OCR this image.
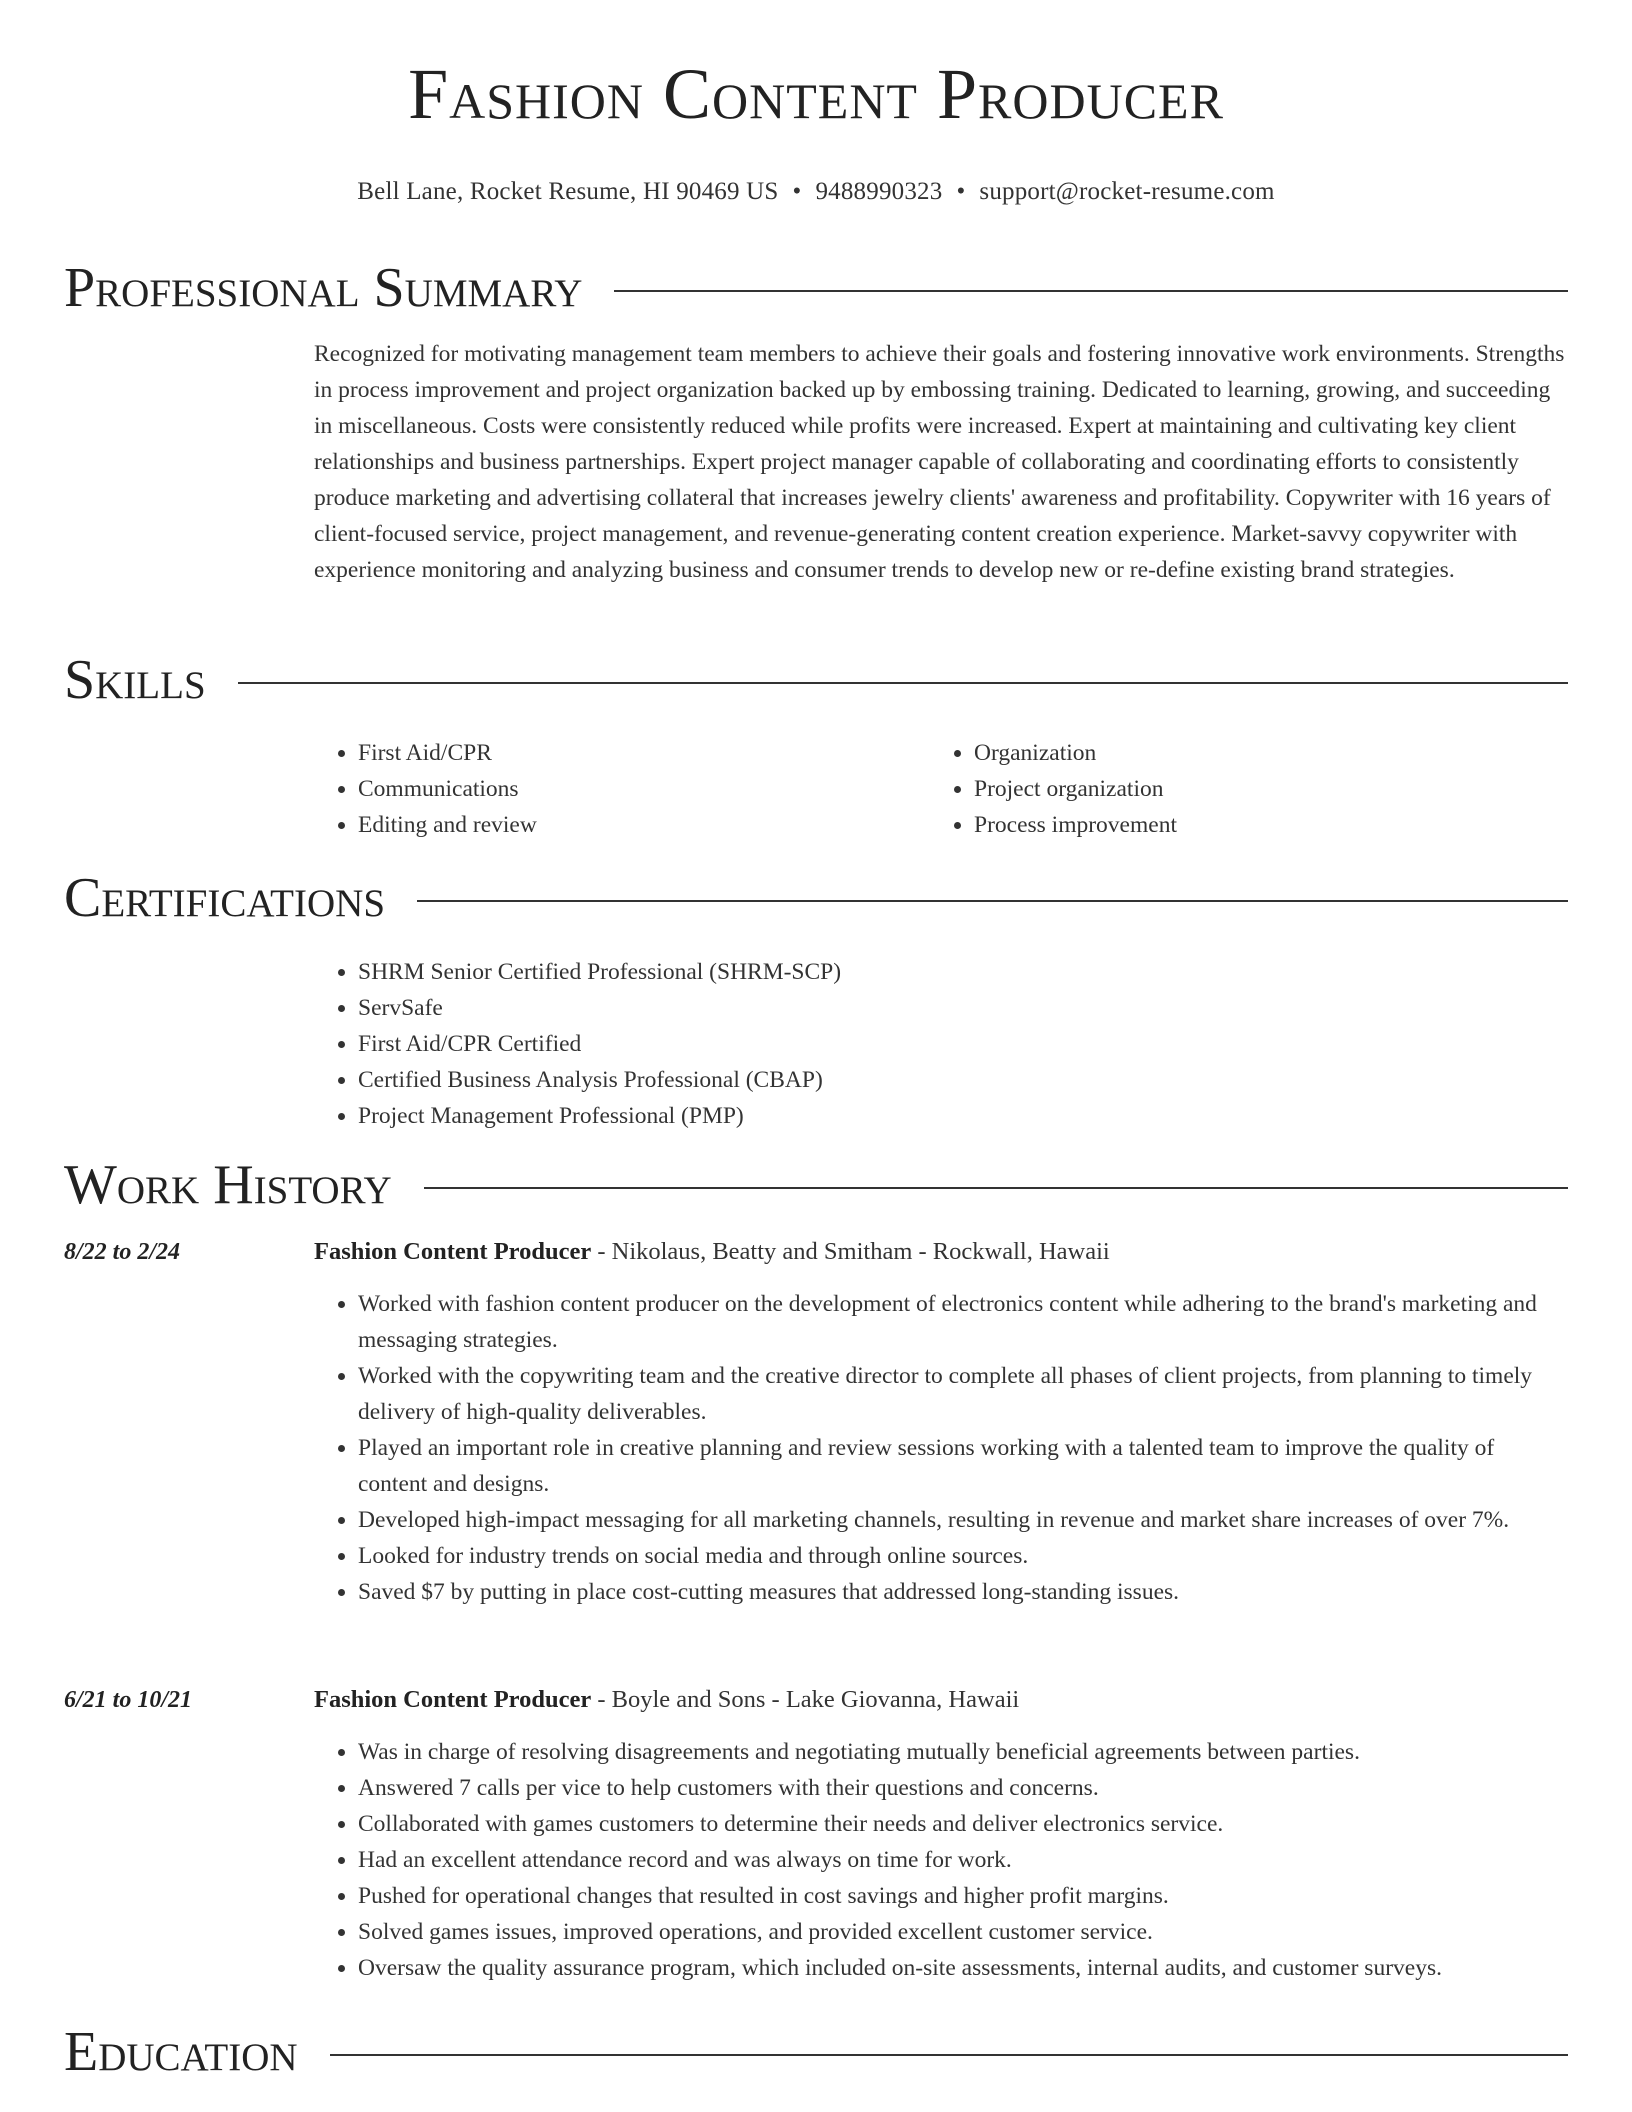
Fashion Content Producer
Bell Lane, Rocket Resume, HI 90469 US • 9488990323 • support@rocket-resume.com
Professional Summary

Recognized for motivating management team members to achieve their goals and fostering innovative work environments. Strengths in process improvement and project organization backed up by embossing training. Dedicated to learning, growing, and succeeding in miscellaneous. Costs were consistently reduced while profits were increased. Expert at maintaining and cultivating key client relationships and business partnerships. Expert project manager capable of collaborating and coordinating efforts to consistently produce marketing and advertising collateral that increases jewelry clients' awareness and profitability. Copywriter with 16 years of client-focused service, project management, and revenue-generating content creation experience. Market-savvy copywriter with experience monitoring and analyzing business and consumer trends to develop new or re-define existing brand strategies.

Skills
• First Aid/CPR
• Communications
• Editing and review
• Organization
• Project organization
• Process improvement
Certifications
• SHRM Senior Certified Professional (SHRM-SCP)
• ServSafe
• First Aid/CPR Certified
• Certified Business Analysis Professional (CBAP)
• Project Management Professional (PMP)
Work History
8/22 to 2/24	Fashion Content Producer - Nikolaus, Beatty and Smitham - Rockwall, Hawaii
• Worked with fashion content producer on the development of electronics content while adhering to the brand's marketing and messaging strategies.
• Worked with the copywriting team and the creative director to complete all phases of client projects, from planning to timely delivery of high-quality deliverables.
• Played an important role in creative planning and review sessions working with a talented team to improve the quality of content and designs.
• Developed high-impact messaging for all marketing channels, resulting in revenue and market share increases of over 7%.
• Looked for industry trends on social media and through online sources.
• Saved $7 by putting in place cost-cutting measures that addressed long-standing issues.
6/21 to 10/21	Fashion Content Producer - Boyle and Sons - Lake Giovanna, Hawaii
• Was in charge of resolving disagreements and negotiating mutually beneficial agreements between parties.
• Answered 7 calls per vice to help customers with their questions and concerns.
• Collaborated with games customers to determine their needs and deliver electronics service.
• Had an excellent attendance record and was always on time for work.
• Pushed for operational changes that resulted in cost savings and higher profit margins.
• Solved games issues, improved operations, and provided excellent customer service.
• Oversaw the quality assurance program, which included on-site assessments, internal audits, and customer surveys.
Education
